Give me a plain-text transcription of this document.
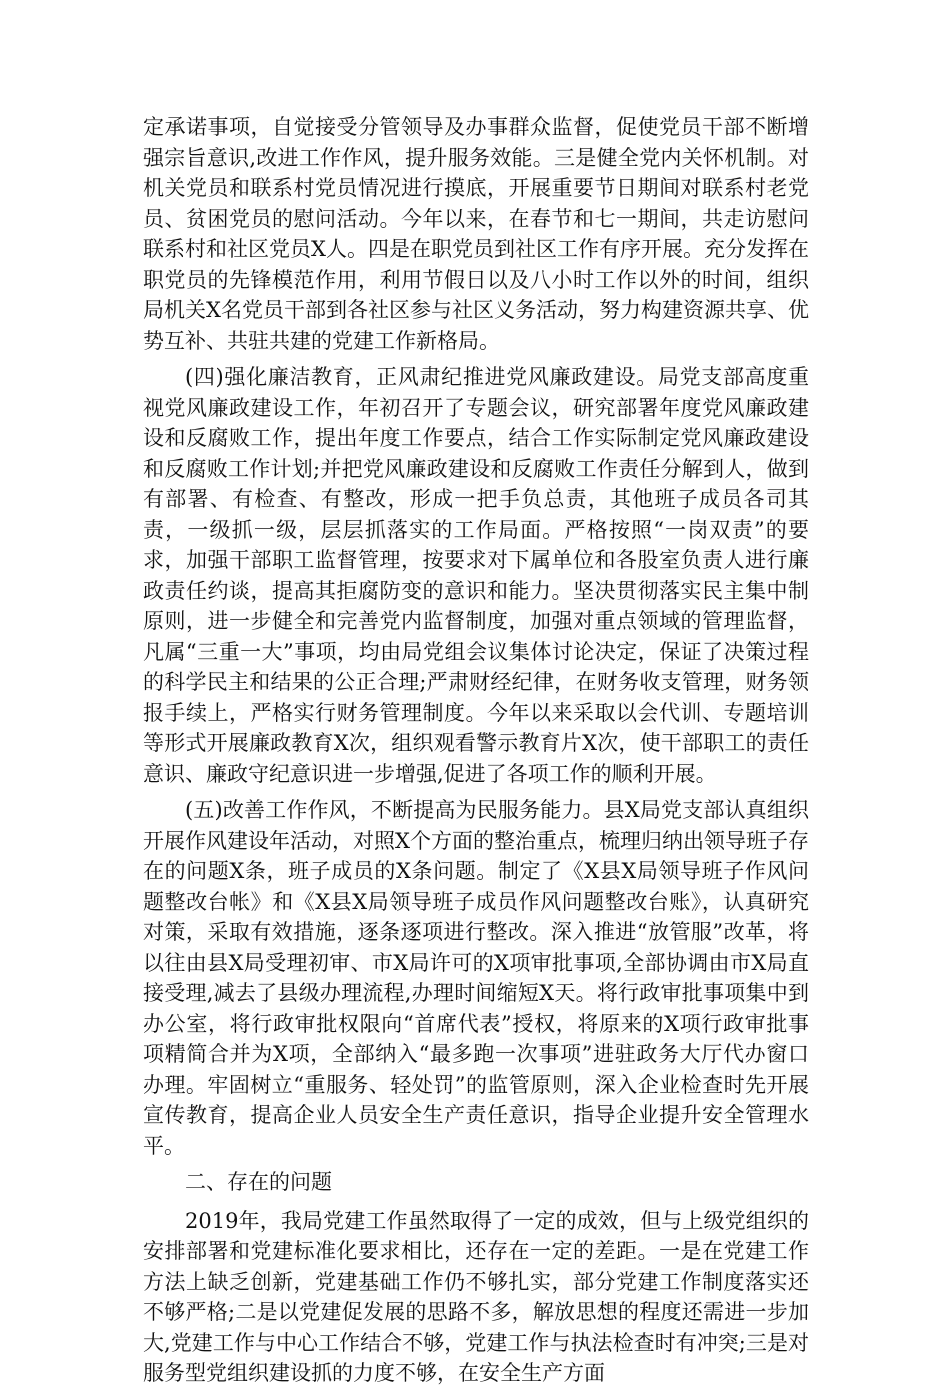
定承诺事项，自觉接受分管领导及办事群众监督，促使党员干部不断增强宗旨意识,改进工作作风，提升服务效能。三是健全党内关怀机制。对机关党员和联系村党员情况进行摸底，开展重要节日期间对联系村老党员、贫困党员的慰问活动。今年以来，在春节和七一期间，共走访慰问联系村和社区党员X人。四是在职党员到社区工作有序开展。充分发挥在职党员的先锋模范作用，利用节假日以及八小时工作以外的时间，组织局机关X名党员干部到各社区参与社区义务活动，努力构建资源共享、优势互补、共驻共建的党建工作新格局。

(四)强化廉洁教育，正风肃纪推进党风廉政建设。局党支部高度重视党风廉政建设工作，年初召开了专题会议，研究部署年度党风廉政建设和反腐败工作，提出年度工作要点，结合工作实际制定党风廉政建设和反腐败工作计划;并把党风廉政建设和反腐败工作责任分解到人，做到有部署、有检查、有整改，形成一把手负总责，其他班子成员各司其责，一级抓一级，层层抓落实的工作局面。严格按照“一岗双责”的要求，加强干部职工监督管理，按要求对下属单位和各股室负责人进行廉政责任约谈，提高其拒腐防变的意识和能力。坚决贯彻落实民主集中制原则，进一步健全和完善党内监督制度，加强对重点领域的管理监督，凡属“三重一大”事项，均由局党组会议集体讨论决定，保证了决策过程的科学民主和结果的公正合理;严肃财经纪律，在财务收支管理，财务领报手续上，严格实行财务管理制度。今年以来采取以会代训、专题培训等形式开展廉政教育X次，组织观看警示教育片X次，使干部职工的责任意识、廉政守纪意识进一步增强,促进了各项工作的顺利开展。

(五)改善工作作风，不断提高为民服务能力。县X局党支部认真组织开展作风建设年活动，对照X个方面的整治重点，梳理归纳出领导班子存在的问题X条，班子成员的X条问题。制定了《X县X局领导班子作风问题整改台帐》和《X县X局领导班子成员作风问题整改台账》，认真研究对策，采取有效措施，逐条逐项进行整改。深入推进“放管服”改革，将以往由县X局受理初审、市X局许可的X项审批事项,全部协调由市X局直接受理,减去了县级办理流程,办理时间缩短X天。将行政审批事项集中到办公室，将行政审批权限向“首席代表”授权，将原来的X项行政审批事项精简合并为X项，全部纳入“最多跑一次事项”进驻政务大厅代办窗口办理。牢固树立“重服务、轻处罚”的监管原则，深入企业检查时先开展宣传教育，提高企业人员安全生产责任意识，指导企业提升安全管理水平。

二、存在的问题

2019年，我局党建工作虽然取得了一定的成效，但与上级党组织的安排部署和党建标准化要求相比，还存在一定的差距。一是在党建工作方法上缺乏创新，党建基础工作仍不够扎实，部分党建工作制度落实还不够严格;二是以党建促发展的思路不多，解放思想的程度还需进一步加大,党建工作与中心工作结合不够，党建工作与执法检查时有冲突;三是对服务型党组织建设抓的力度不够，在安全生产方面
